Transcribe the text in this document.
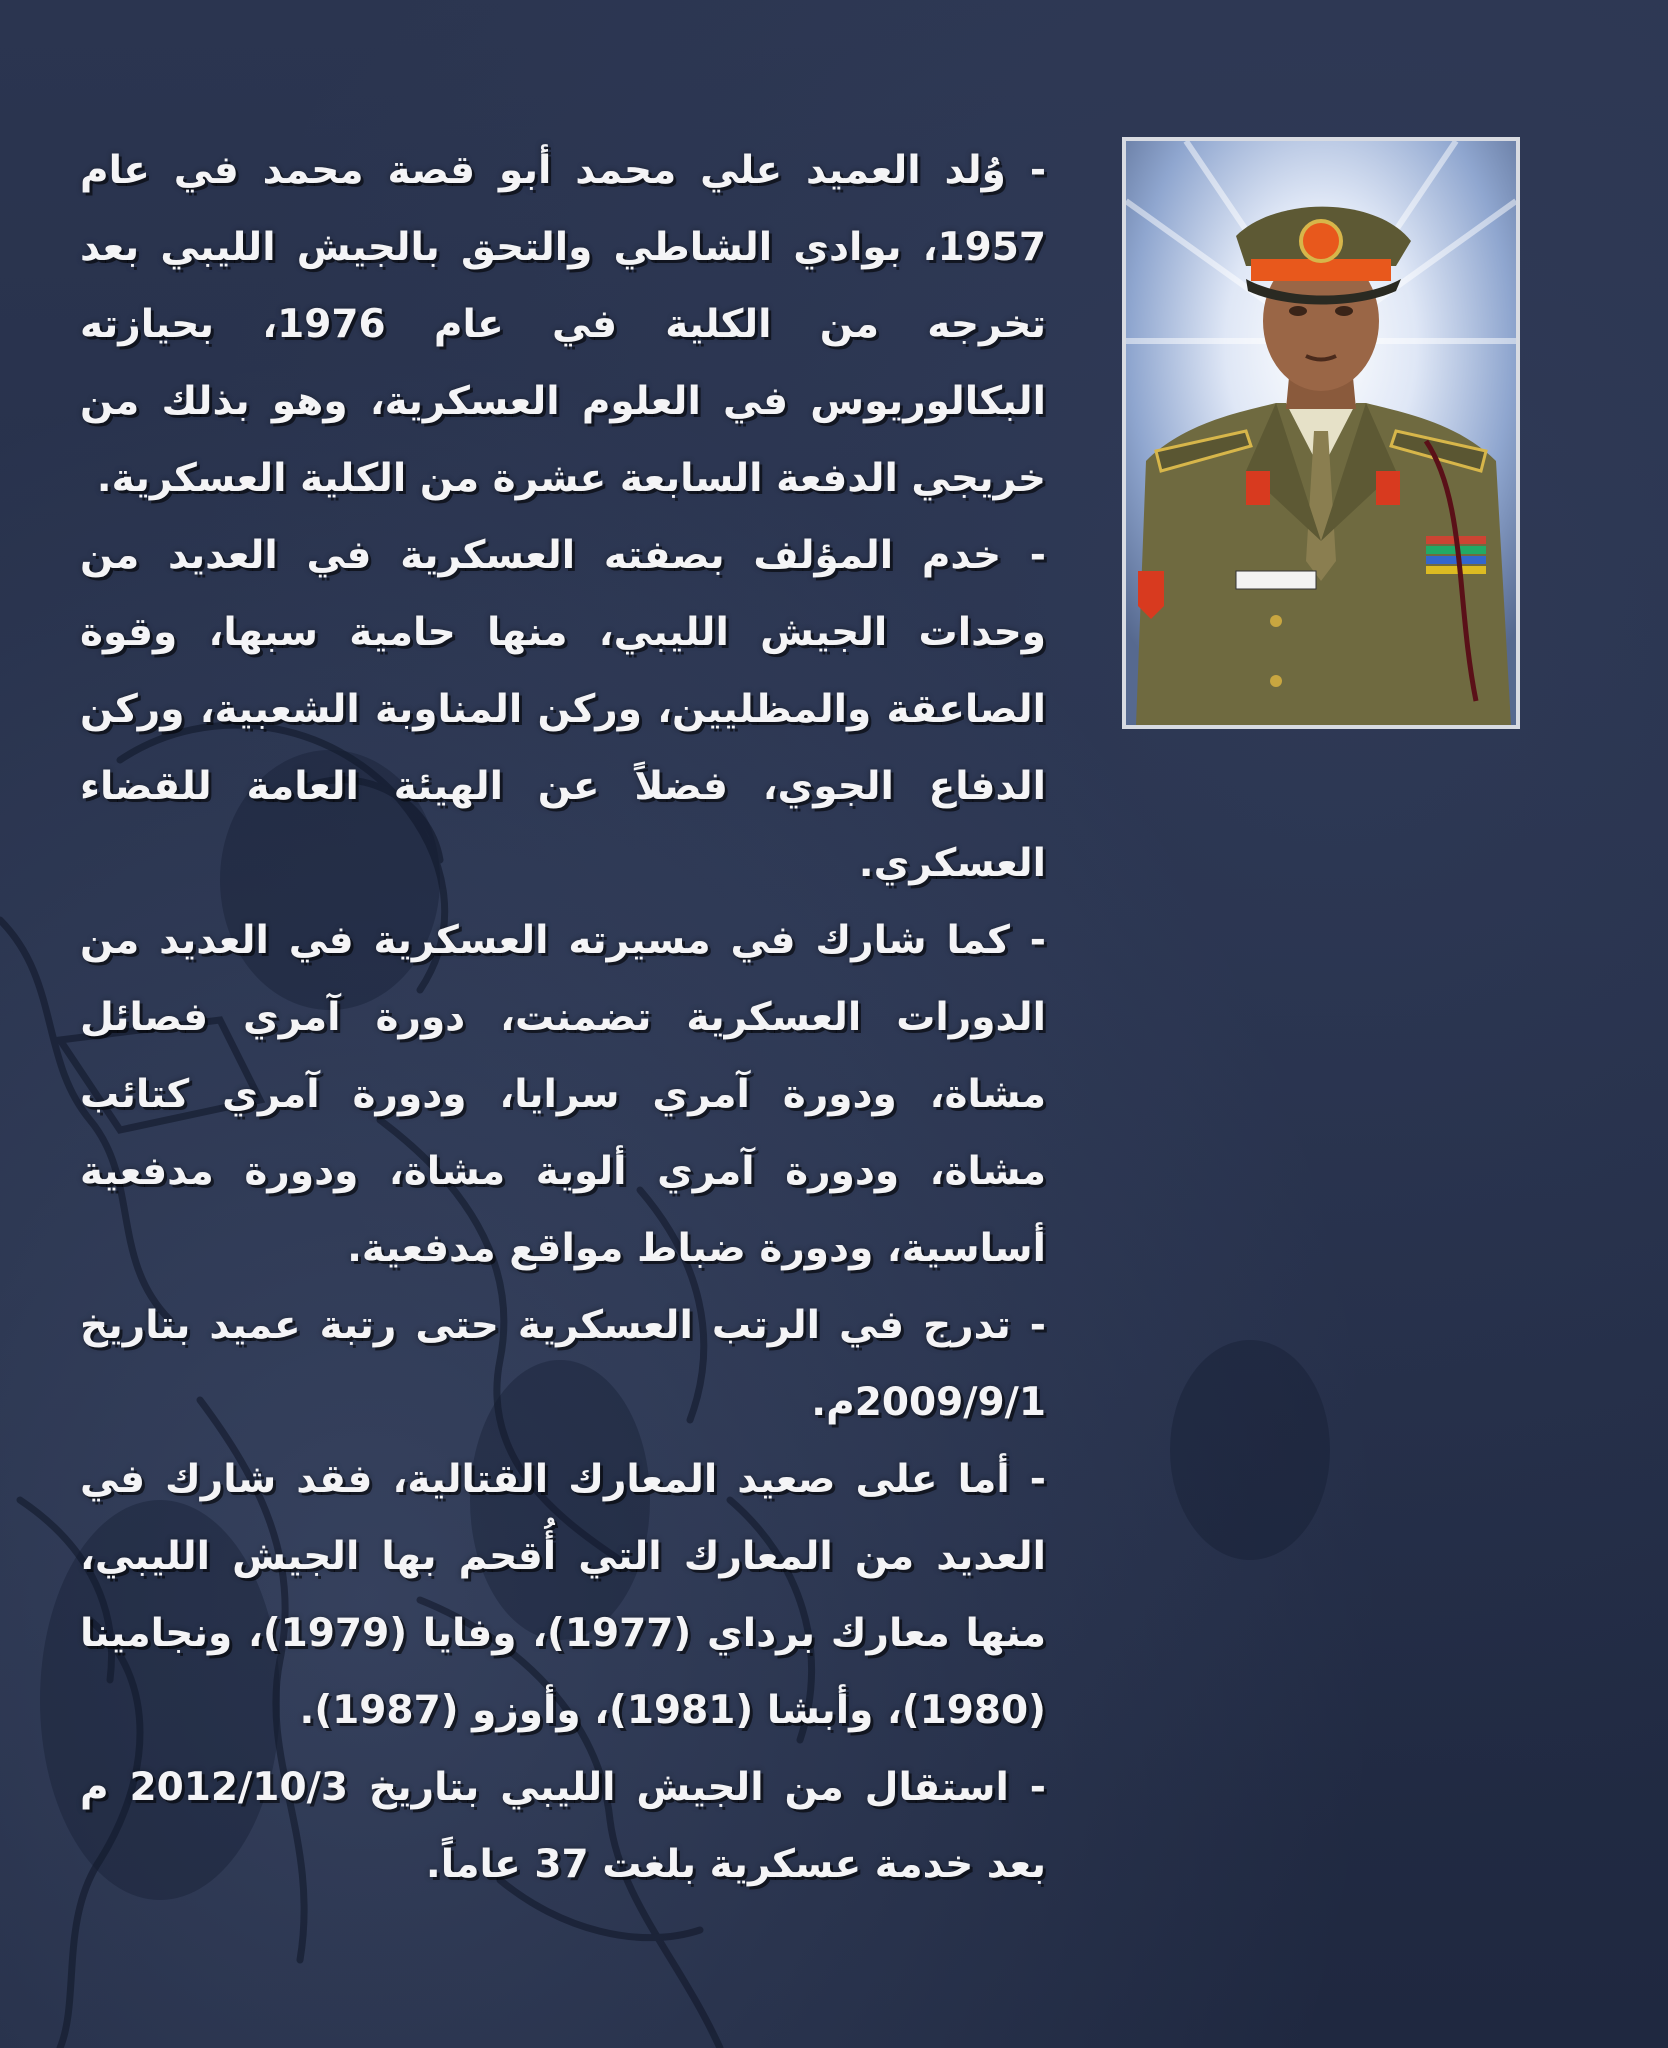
- وُلد العميد علي محمد أبو قصة محمد في عام 1957، بوادي الشاطي والتحق بالجيش الليبي بعد تخرجه من الكلية في عام 1976، بحيازته البكالوريوس في العلوم العسكرية، وهو بذلك من خريجي الدفعة السابعة عشرة من الكلية العسكرية.

- خدم المؤلف بصفته العسكرية في العديد من وحدات الجيش الليبي، منها حامية سبها، وقوة الصاعقة والمظليين، وركن المناوبة الشعبية، وركن الدفاع الجوي، فضلاً عن الهيئة العامة للقضاء العسكري.

- كما شارك في مسيرته العسكرية في العديد من الدورات العسكرية تضمنت، دورة آمري فصائل مشاة، ودورة آمري سرايا، ودورة آمري كتائب مشاة، ودورة آمري ألوية مشاة، ودورة مدفعية أساسية، ودورة ضباط مواقع مدفعية.

- تدرج في الرتب العسكرية حتى رتبة عميد بتاريخ 2009/9/1م.

- أما على صعيد المعارك القتالية، فقد شارك في العديد من المعارك التي أُقحم بها الجيش الليبي، منها معارك برداي (1977)، وفايا (1979)، ونجامينا (1980)، وأبشا (1981)، وأوزو (1987).

- استقال من الجيش الليبي بتاريخ 2012/10/3 م بعد خدمة عسكرية بلغت 37 عاماً.
